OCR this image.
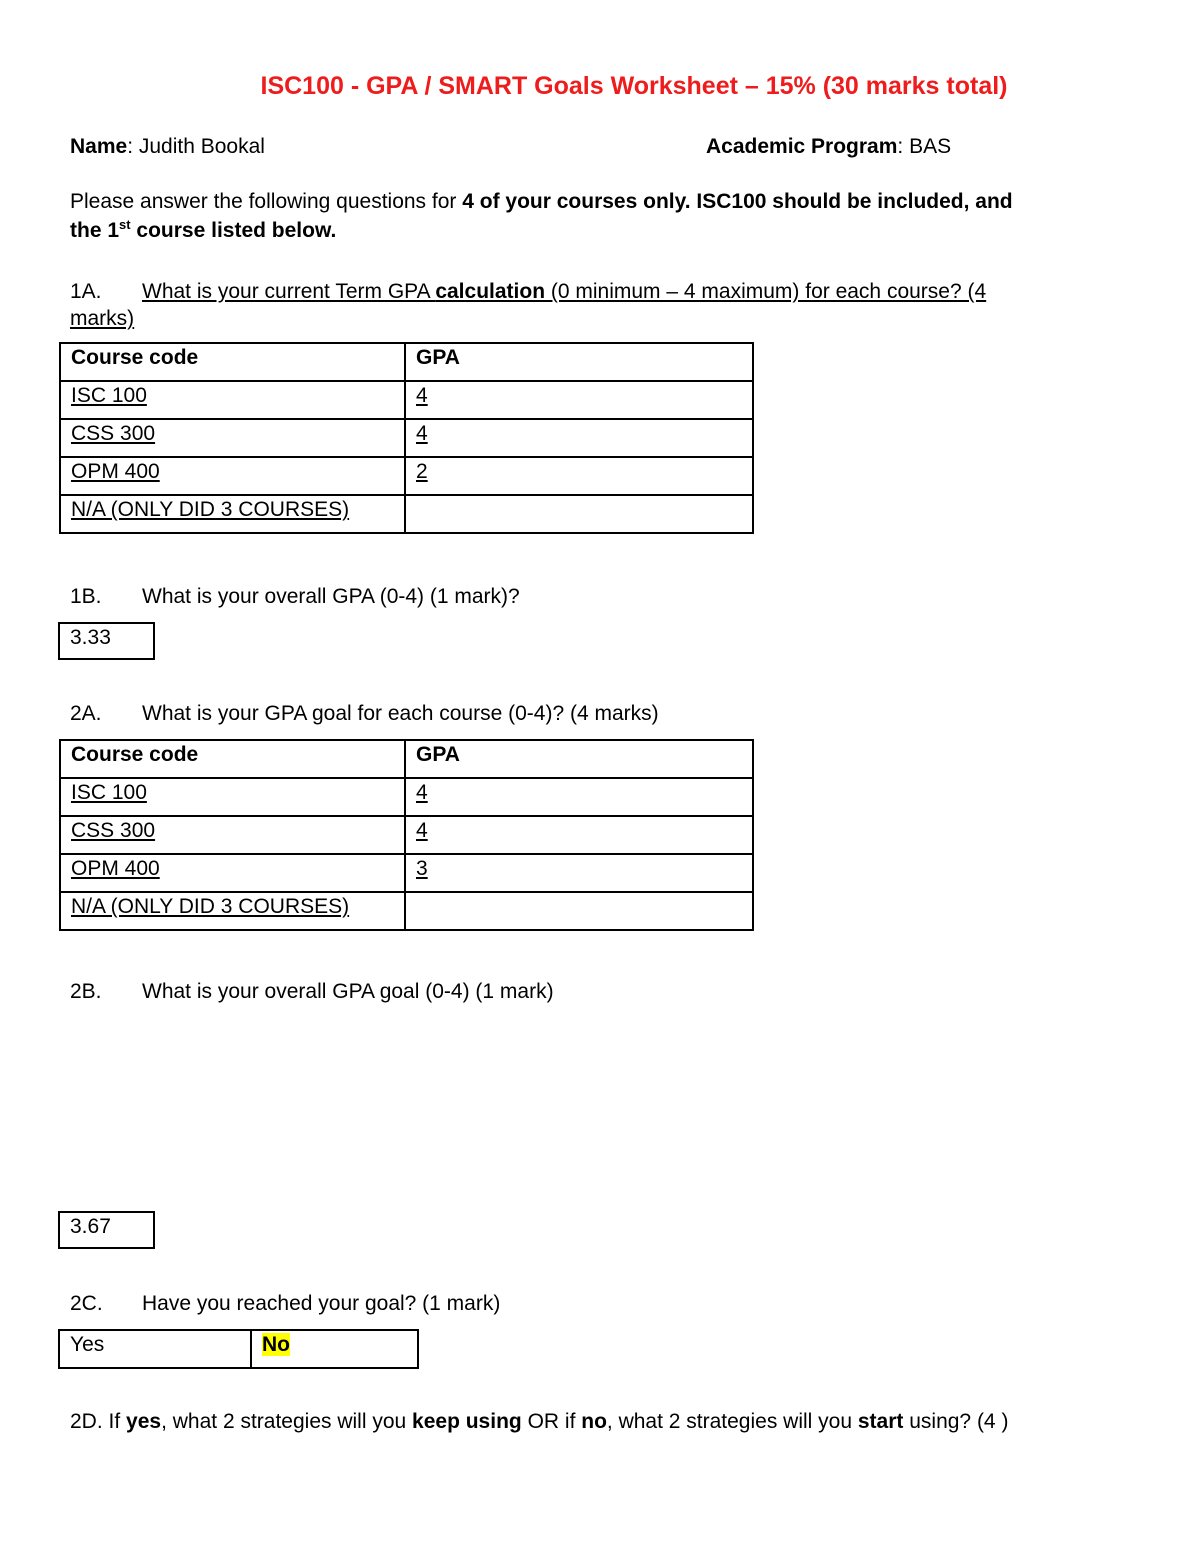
ISC100 - GPA / SMART Goals Worksheet – 15% (30 marks total)
Name: Judith Bookal	Academic Program: BAS
Please answer the following questions for 4 of your courses only. ISC100 should be included, and
the 1st course listed below.
1A. What is your current Term GPA calculation (0 minimum – 4 maximum) for each course? (4
marks)
Course code	GPA
ISC 100	4
CSS 300	4
OPM 400	2
N/A (ONLY DID 3 COURSES)	
1B. What is your overall GPA (0-4) (1 mark)?
3.33
2A. What is your GPA goal for each course (0-4)? (4 marks)
Course code	GPA
ISC 100	4
CSS 300	4
OPM 400	3
N/A (ONLY DID 3 COURSES)	
2B. What is your overall GPA goal (0-4) (1 mark)
3.67
2C. Have you reached your goal? (1 mark)
Yes	No
2D. If yes, what 2 strategies will you keep using OR if no, what 2 strategies will you start using? (4 )
